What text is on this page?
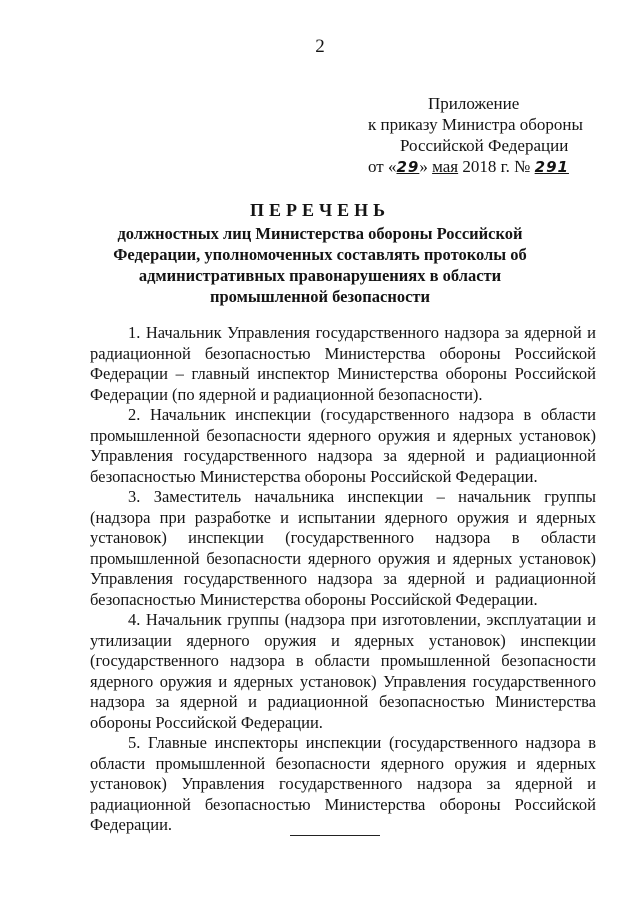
2
Приложение
к приказу Министра обороны
Российской Федерации
от «29» мая 2018 г. № 291
ПЕРЕЧЕНЬ
должностных лиц Министерства обороны Российской Федерации, уполномоченных составлять протоколы об административных правонарушениях в области промышленной безопасности

1. Начальник Управления государственного надзора за ядерной и радиационной безопасностью Министерства обороны Российской Федерации – главный инспектор Министерства обороны Российской Федерации (по ядерной и радиационной безопасности).

2. Начальник инспекции (государственного надзора в области промышленной безопасности ядерного оружия и ядерных установок) Управления государственного надзора за ядерной и радиационной безопасностью Министерства обороны Российской Федерации.

3. Заместитель начальника инспекции – начальник группы (надзора при разработке и испытании ядерного оружия и ядерных установок) инспекции (государственного надзора в области промышленной безопасности ядерного оружия и ядерных установок) Управления государственного надзора за ядерной и радиационной безопасностью Министерства обороны Российской Федерации.

4. Начальник группы (надзора при изготовлении, эксплуатации и утилизации ядерного оружия и ядерных установок) инспекции (государственного надзора в области промышленной безопасности ядерного оружия и ядерных установок) Управления государственного надзора за ядерной и радиационной безопасностью Министерства обороны Российской Федерации.

5. Главные инспекторы инспекции (государственного надзора в области промышленной безопасности ядерного оружия и ядерных установок) Управления государственного надзора за ядерной и радиационной безопасностью Министерства обороны Российской Федерации.
